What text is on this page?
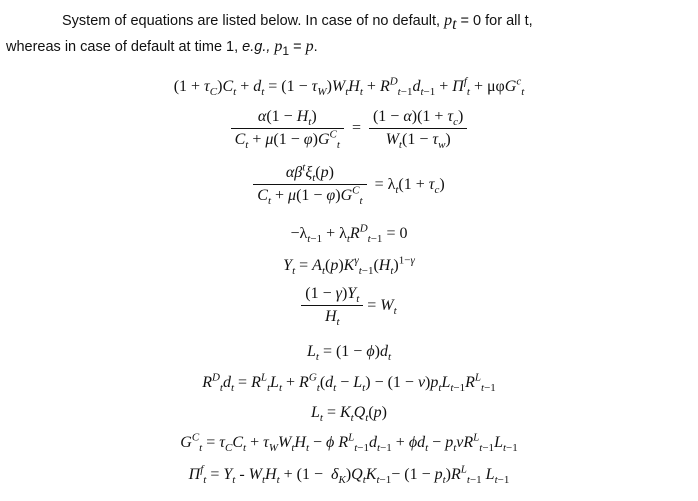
System of equations are listed below. In case of no default, $p_t = 0$ for all t,
whereas in case of default at time 1, e.g., $p_1 = p$.
$(1 + \tau_C)C_t + d_t = (1 - \tau_W)W_tH_t + R^D_{t-1}d_{t-1} + \Pi^f_t + \mu\varphi G^c_t$
$\frac{\alpha(1 - H_t)}{C_t + \mu(1 - \varphi)G^C_t} = \frac{(1 - \alpha)(1 + \tau_c)}{W_t(1 - \tau_w)}$
$\frac{\alpha\beta^t\xi_t(p)}{C_t + \mu(1 - \varphi)G^C_t} = \lambda_t(1 + \tau_c)$
$-\lambda_{t-1} + \lambda_tR^D_{t-1} = 0$
$Y_t = A_t(p)K^\gamma_{t-1}(H_t)^{1-\gamma}$
$\frac{(1 - \gamma)Y_t}{H_t} = W_t$
$L_t = (1 - \phi)d_t$
$R^D_td_t = R^L_tL_t + R^G_t(d_t - L_t) - (1 - \nu)p_tL_{t-1}R^L_{t-1}$
$L_t = K_tQ_t(p)$
$G^C_t = \tau_CC_t + \tau_WW_tH_t - \phi$ $R^L_{t-1}d_{t-1} + \phi d_t - p_t\nu R^L_{t-1}L_{t-1}$
$\Pi^f_t = Y_t - W_tH_t + (1 - \delta_K)Q_tK_{t-1}- (1 - p_t)R^L_{t-1}$ $L_{t-1}$
